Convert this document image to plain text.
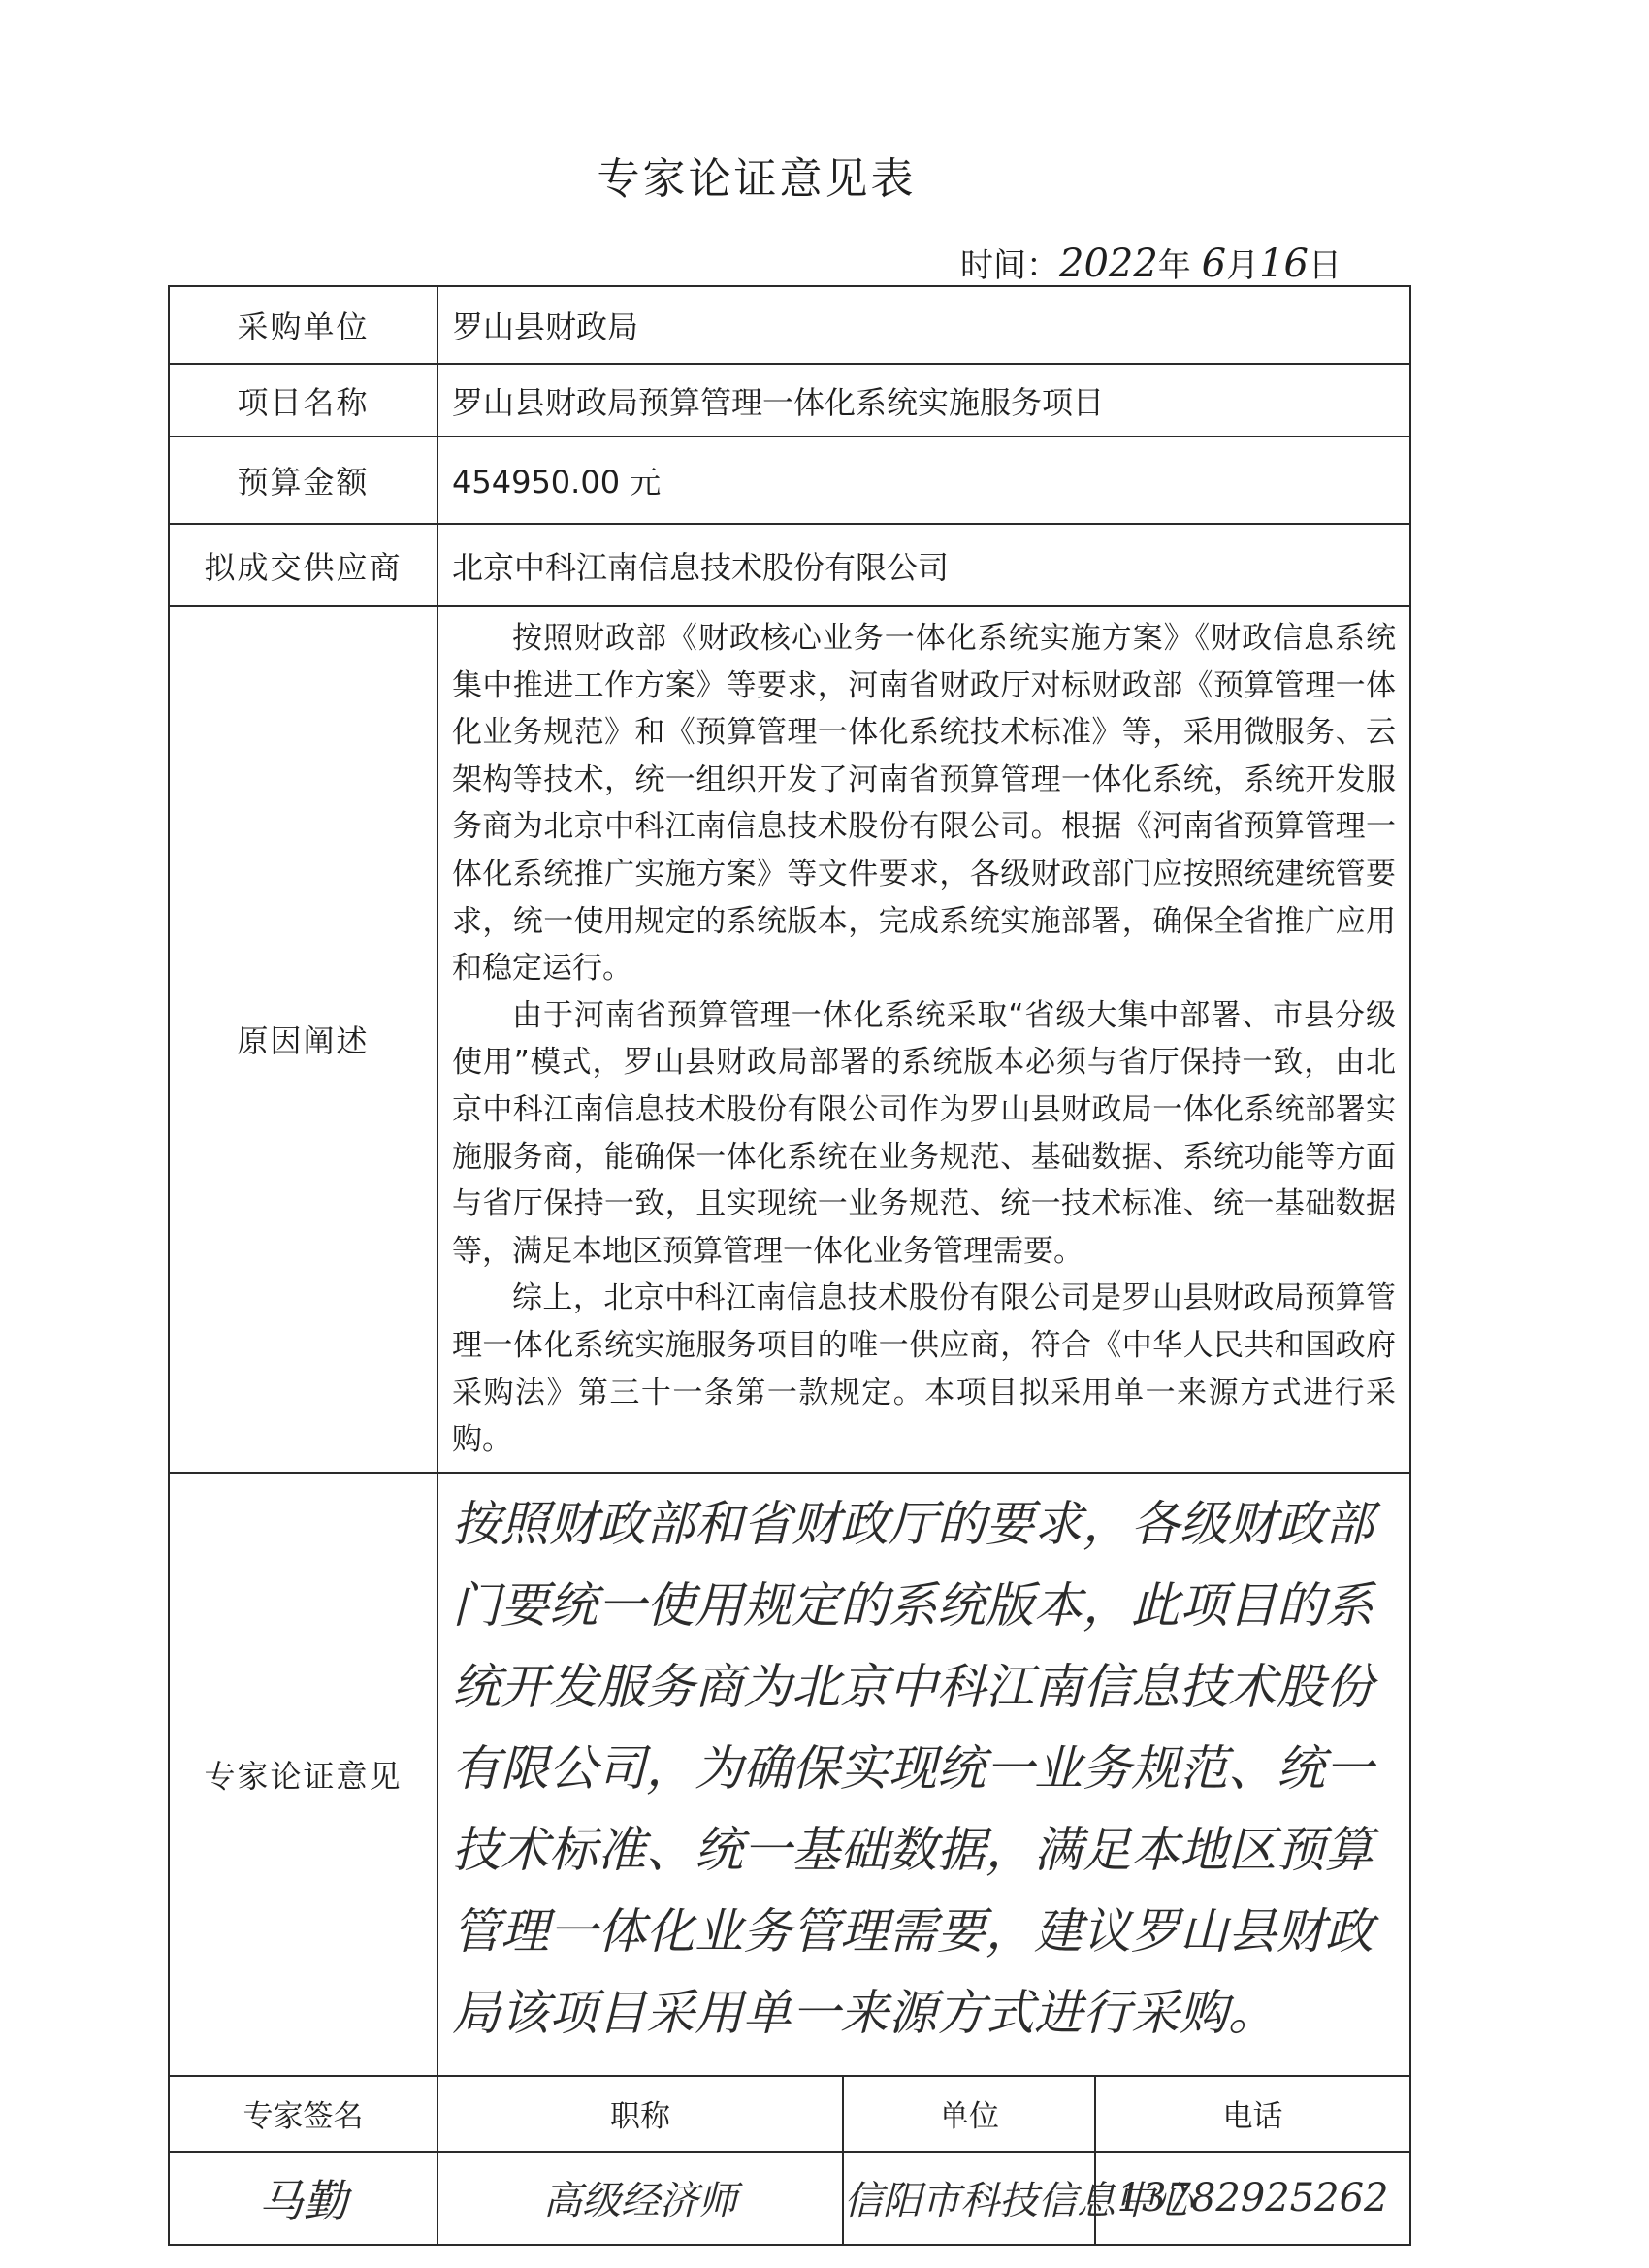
专家论证意见表
时间：2022年 6月16日
采购单位	罗山县财政局		
项目名称	罗山县财政局预算管理一体化系统实施服务项目		
预算金额	454950.00 元		
拟成交供应商	北京中科江南信息技术股份有限公司		
原因阐述	按照财政部《财政核心业务一体化系统实施方案》《财政信息系统集中推进工作方案》等要求，河南省财政厅对标财政部《预算管理一体化业务规范》和《预算管理一体化系统技术标准》等，采用微服务、云架构等技术，统一组织开发了河南省预算管理一体化系统，系统开发服务商为北京中科江南信息技术股份有限公司。根据《河南省预算管理一体化系统推广实施方案》等文件要求，各级财政部门应按照统建统管要求，统一使用规定的系统版本，完成系统实施部署，确保全省推广应用和稳定运行。

由于河南省预算管理一体化系统采取“省级大集中部署、市县分级使用”模式，罗山县财政局部署的系统版本必须与省厅保持一致，由北京中科江南信息技术股份有限公司作为罗山县财政局一体化系统部署实施服务商，能确保一体化系统在业务规范、基础数据、系统功能等方面与省厅保持一致，且实现统一业务规范、统一技术标准、统一基础数据等，满足本地区预算管理一体化业务管理需要。

综上，北京中科江南信息技术股份有限公司是罗山县财政局预算管理一体化系统实施服务项目的唯一供应商，符合《中华人民共和国政府采购法》第三十一条第一款规定。本项目拟采用单一来源方式进行采购。		

专家论证意见	按照财政部和省财政厅的要求，各级财政部门要统一使用规定的系统版本，此项目的系统开发服务商为北京中科江南信息技术股份有限公司，为确保实现统一业务规范、统一技术标准、统一基础数据，满足本地区预算管理一体化业务管理需要，建议罗山县财政局该项目采用单一来源方式进行采购。		
专家签名	职称	单位	电话
马勤	高级经济师	信阳市科技信息中心	13782925262
